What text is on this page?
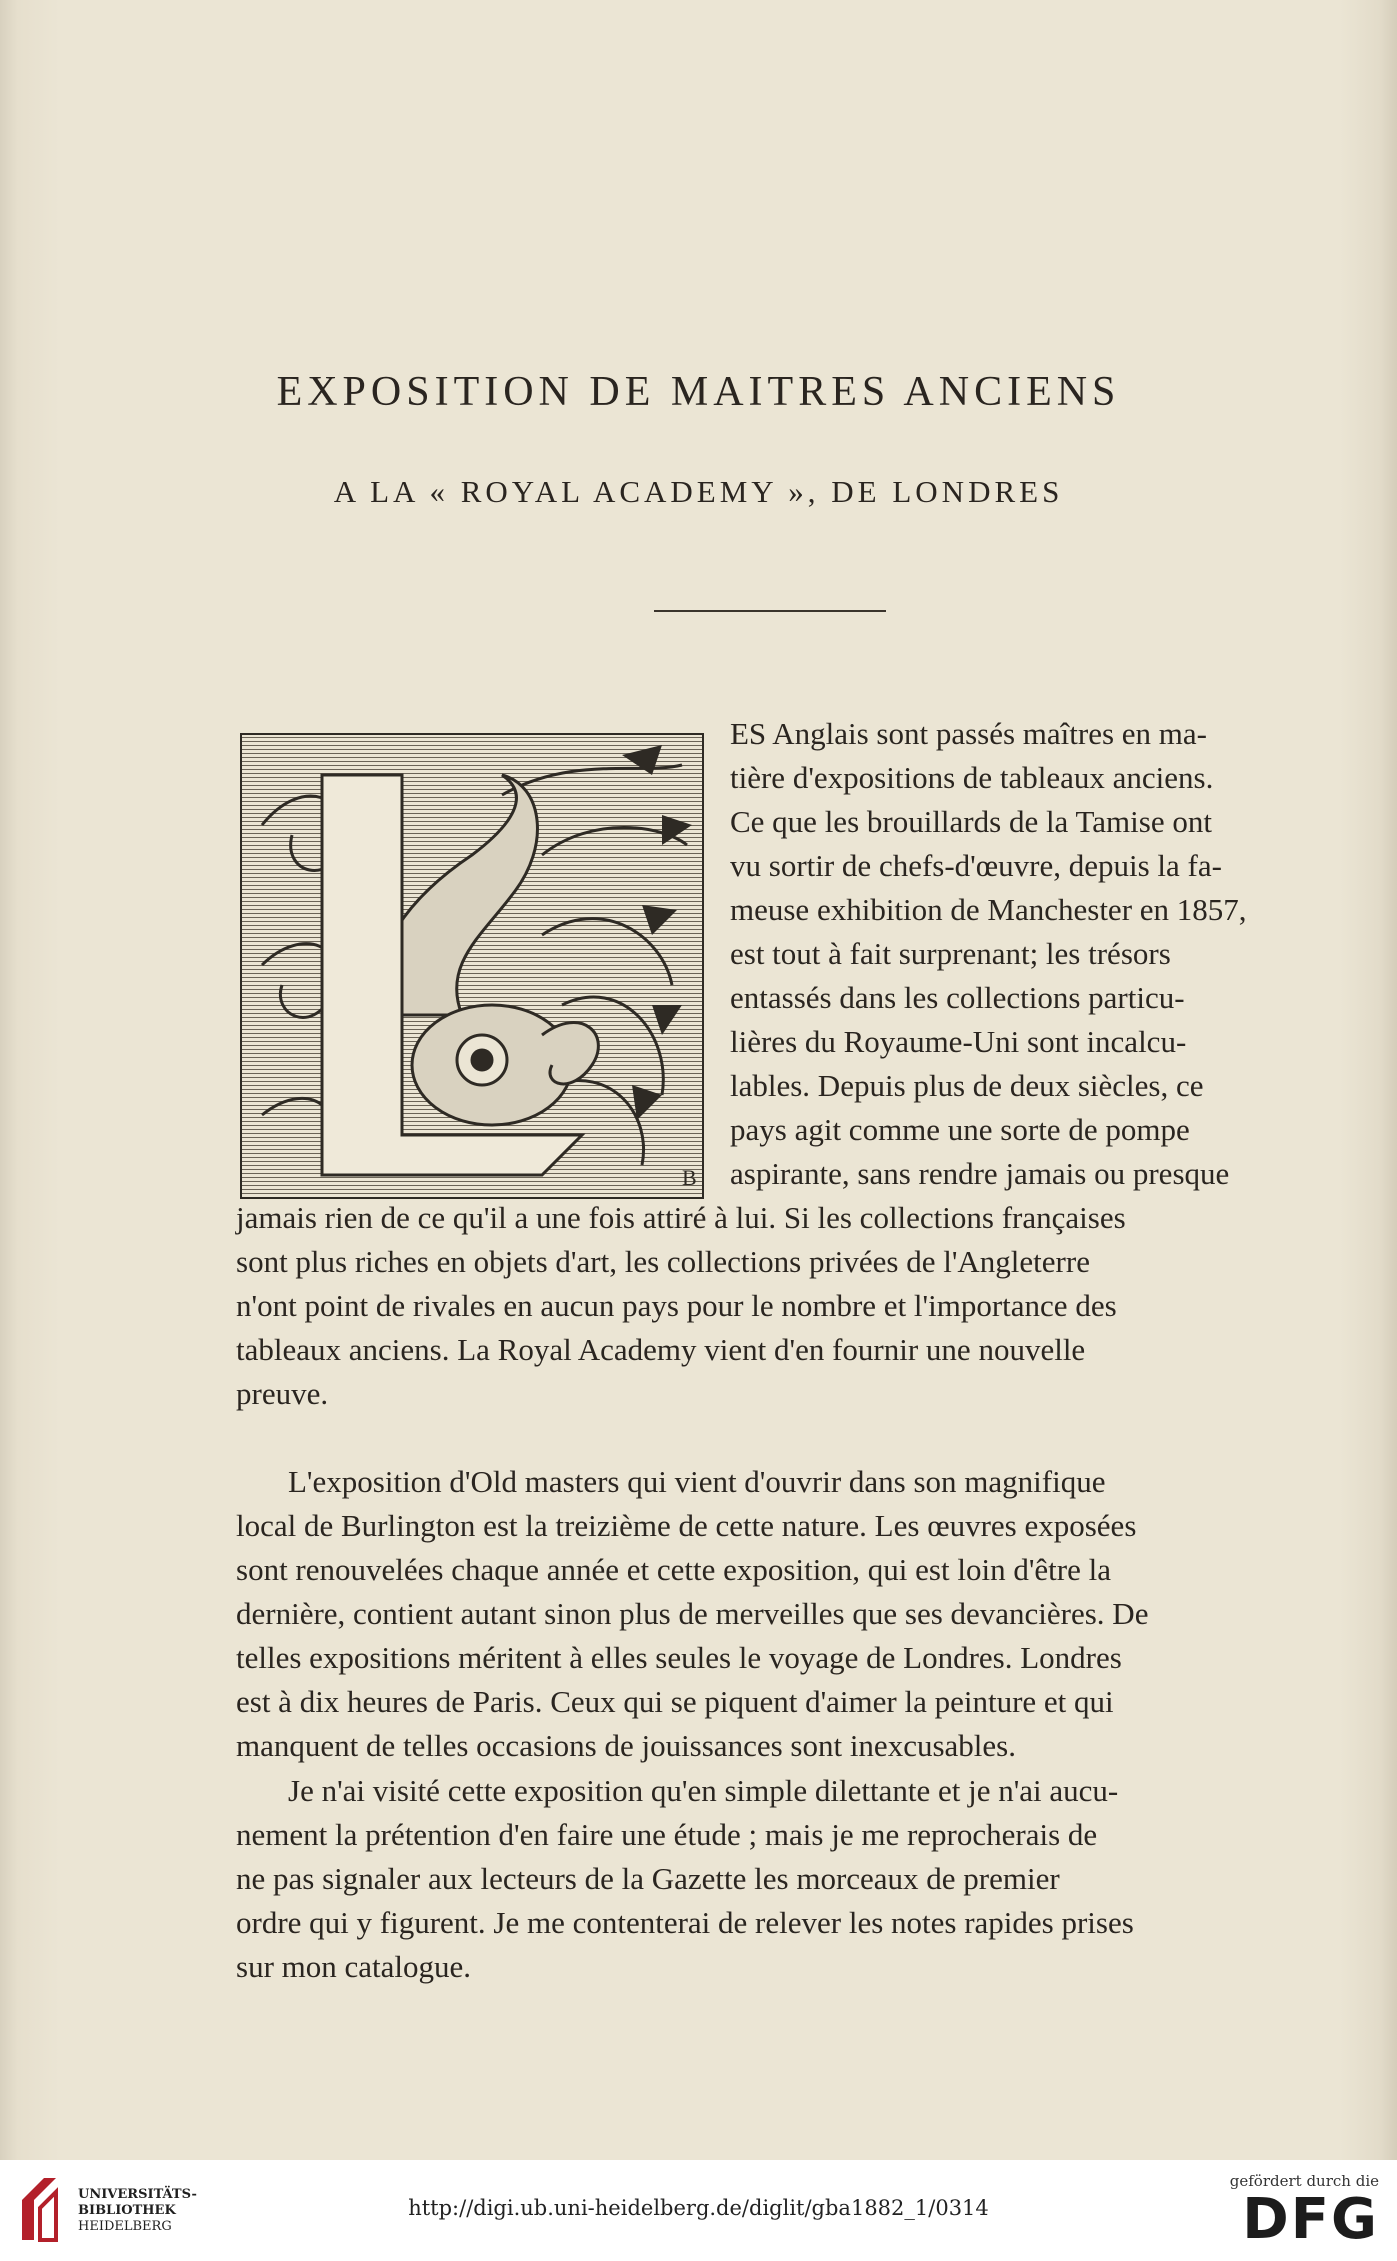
EXPOSITION DE MAITRES ANCIENS
A LA « ROYAL ACADEMY », DE LONDRES
B
ES Anglais sont passés maîtres en ma-
tière d'expositions de tableaux anciens.
Ce que les brouillards de la Tamise ont
vu sortir de chefs-d'œuvre, depuis la fa-
meuse exhibition de Manchester en 1857,
est tout à fait surprenant; les trésors
entassés dans les collections particu-
lières du Royaume-Uni sont incalcu-
lables. Depuis plus de deux siècles, ce
pays agit comme une sorte de pompe
aspirante, sans rendre jamais ou presque
jamais rien de ce qu'il a une fois attiré à lui. Si les collections françaises
sont plus riches en objets d'art, les collections privées de l'Angleterre
n'ont point de rivales en aucun pays pour le nombre et l'importance des
tableaux anciens. La Royal Academy vient d'en fournir une nouvelle
preuve.
L'exposition d'Old masters qui vient d'ouvrir dans son magnifique
local de Burlington est la treizième de cette nature. Les œuvres exposées
sont renouvelées chaque année et cette exposition, qui est loin d'être la
dernière, contient autant sinon plus de merveilles que ses devancières. De
telles expositions méritent à elles seules le voyage de Londres. Londres
est à dix heures de Paris. Ceux qui se piquent d'aimer la peinture et qui
manquent de telles occasions de jouissances sont inexcusables.
Je n'ai visité cette exposition qu'en simple dilettante et je n'ai aucu-
nement la prétention d'en faire une étude ; mais je me reprocherais de
ne pas signaler aux lecteurs de la Gazette les morceaux de premier
ordre qui y figurent. Je me contenterai de relever les notes rapides prises
sur mon catalogue.
UNIVERSITÄTS-
BIBLIOTHEK
HEIDELBERG
http://digi.ub.uni-heidelberg.de/diglit/gba1882_1/0314
gefördert durch die
DFG
